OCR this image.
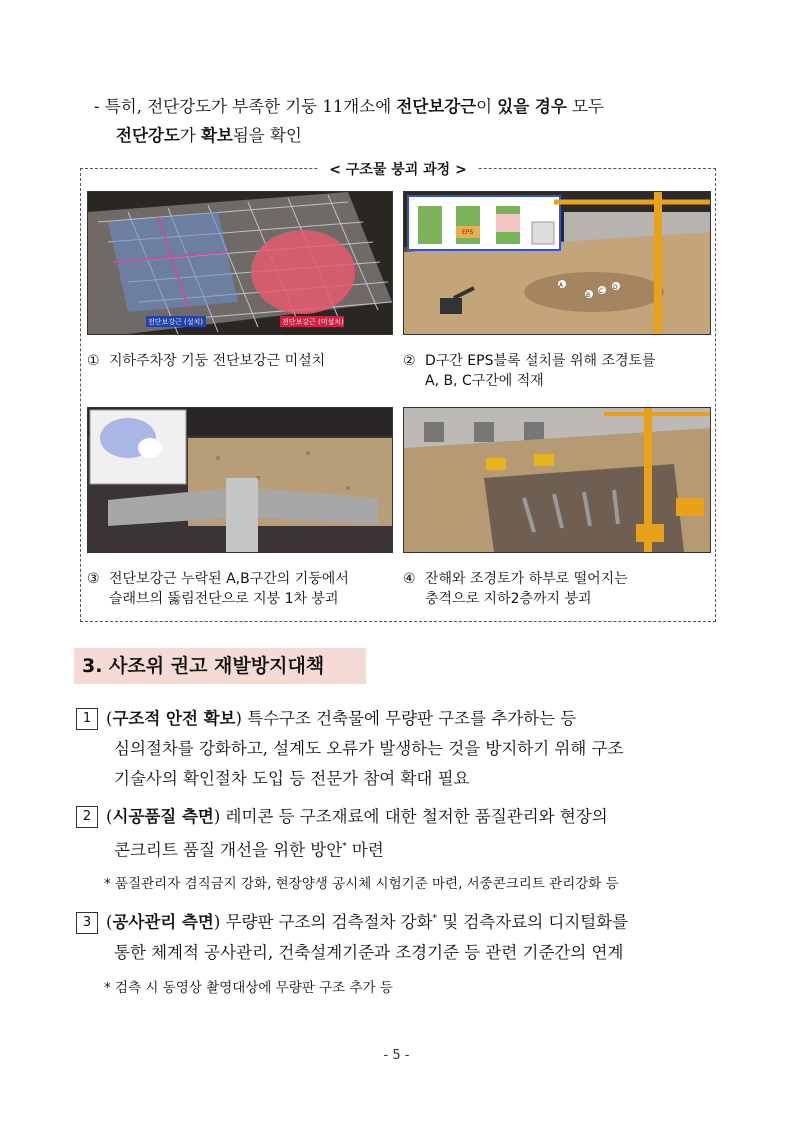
- 특히, 전단강도가 부족한 기둥 11개소에 전단보강근이 있을 경우 모두
전단강도가 확보됨을 확인
< 구조물 붕괴 과정 >
전단보강근 (설치)	전단보강근 (미설치)
EPS
A
B
C
D
① 지하주차장 기둥 전단보강근 미설치	② D구간 EPS블록 설치를 위해 조경토를
A, B, C구간에 적재
③ 전단보강근 누락된 A,B구간의 기둥에서
슬래브의 뚫림전단으로 지붕 1차 붕괴
④ 잔해와 조경토가 하부로 떨어지는
충격으로 지하2층까지 붕괴
3. 사조위 권고 재발방지대책
1 (구조적 안전 확보) 특수구조 건축물에 무량판 구조를 추가하는 등
심의절차를 강화하고, 설계도 오류가 발생하는 것을 방지하기 위해 구조
기술사의 확인절차 도입 등 전문가 참여 확대 필요
2 (시공품질 측면) 레미콘 등 구조재료에 대한 철저한 품질관리와 현장의
콘크리트 품질 개선을 위한 방안* 마련
* 품질관리자 겸직금지 강화, 현장양생 공시체 시험기준 마련, 서중콘크리트 관리강화 등
3 (공사관리 측면) 무량판 구조의 검측절차 강화* 및 검측자료의 디지털화를
통한 체계적 공사관리, 건축설계기준과 조경기준 등 관련 기준간의 연계
* 검측 시 동영상 촬영대상에 무량판 구조 추가 등
- 5 -
